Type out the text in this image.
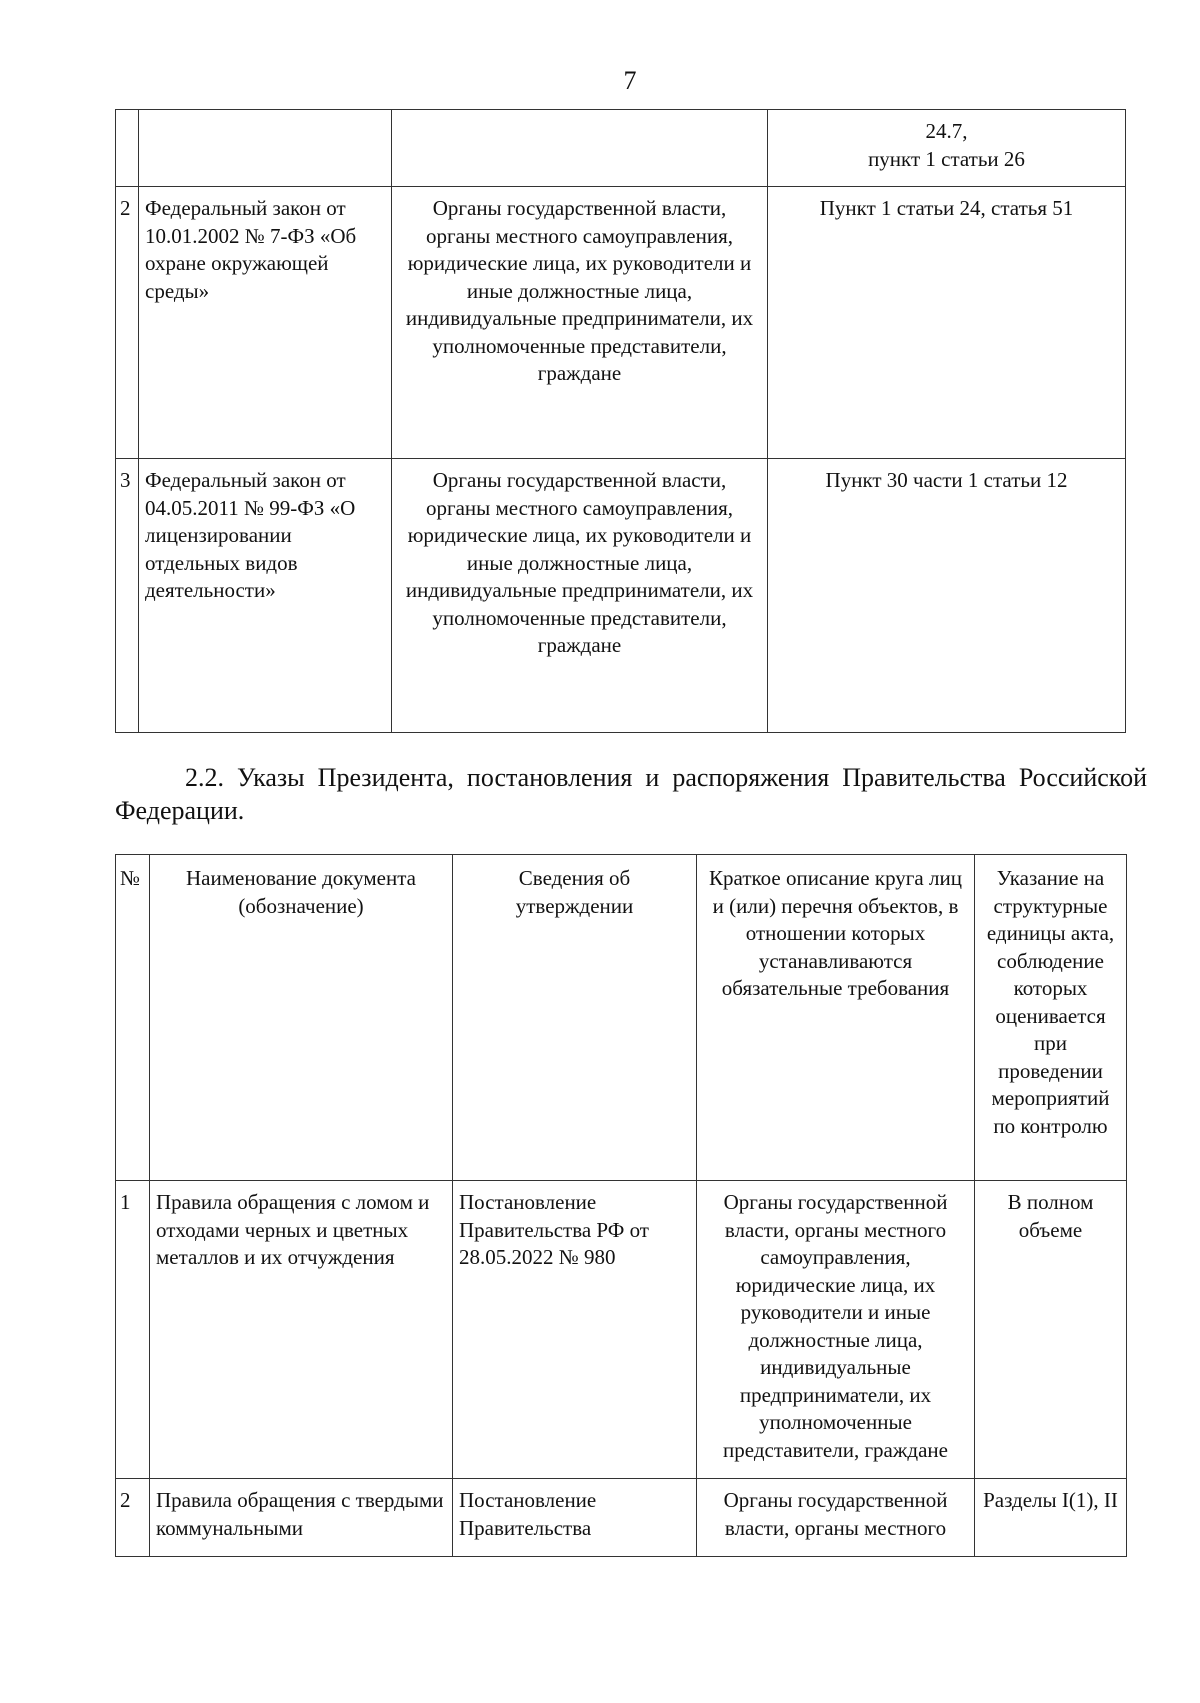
7

			24.7,
пункт 1 статьи 26

2	Федеральный закон от 10.01.2002 № 7-ФЗ «Об охране окружающей среды»	Органы государственной власти, органы местного самоуправления, юридические лица, их руководители и иные должностные лица, индивидуальные предприниматели, их уполномоченные представители, граждане	Пункт 1 статьи 24, статья 51

3	Федеральный закон от 04.05.2011 № 99-ФЗ «О лицензировании отдельных видов деятельности»	Органы государственной власти, органы местного самоуправления, юридические лица, их руководители и иные должностные лица, индивидуальные предприниматели, их уполномоченные представители, граждане	Пункт 30 части 1 статьи 12
2.2. Указы Президента, постановления и распоряжения Правительства Российской Федерации.
№	Наименование документа (обозначение)	Сведения об утверждении	Краткое описание круга лиц и (или) перечня объектов, в отношении которых устанавливаются обязательные требования	Указание на структурные единицы акта, соблюдение которых оценивается при проведении мероприятий по контролю

1	Правила обращения с ломом и отходами черных и цветных металлов и их отчуждения	Постановление Правительства РФ от 28.05.2022 № 980	Органы государственной власти, органы местного самоуправления, юридические лица, их руководители и иные должностные лица, индивидуальные предприниматели, их уполномоченные представители, граждане	В полном объеме

2	Правила обращения с твердыми коммунальными	Постановление Правительства	Органы государственной власти, органы местного	Разделы I(1), II
